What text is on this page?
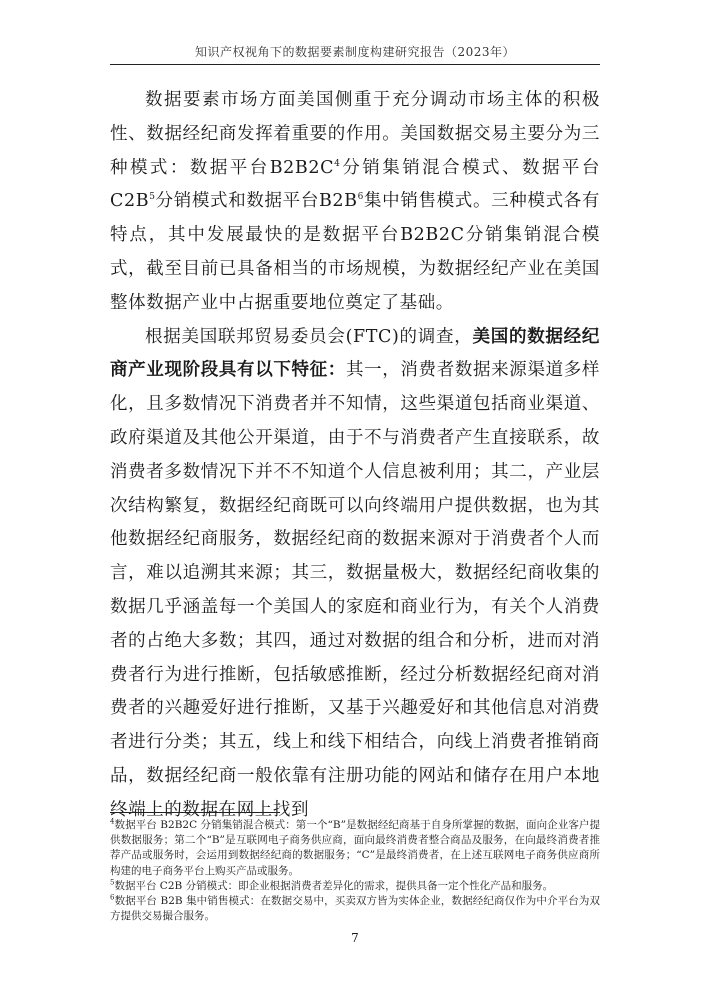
知识产权视角下的数据要素制度构建研究报告（2023年）

数据要素市场方面美国侧重于充分调动市场主体的积极性、数据经纪商发挥着重要的作用。美国数据交易主要分为三种模式：数据平台$B2B2C^4$分销集销混合模式、数据平台$C2B^5$分销模式和数据平台$B2B^6$集中销售模式。三种模式各有特点，其中发展最快的是数据平台B2B2C分销集销混合模式，截至目前已具备相当的市场规模，为数据经纪产业在美国整体数据产业中占据重要地位奠定了基础。

根据美国联邦贸易委员会(FTC)的调查，美国的数据经纪商产业现阶段具有以下特征：其一，消费者数据来源渠道多样化，且多数情况下消费者并不知情，这些渠道包括商业渠道、政府渠道及其他公开渠道，由于不与消费者产生直接联系，故消费者多数情况下并不不知道个人信息被利用；其二，产业层次结构繁复，数据经纪商既可以向终端用户提供数据，也为其他数据经纪商服务，数据经纪商的数据来源对于消费者个人而言，难以追溯其来源；其三，数据量极大，数据经纪商收集的数据几乎涵盖每一个美国人的家庭和商业行为，有关个人消费者的占绝大多数；其四，通过对数据的组合和分析，进而对消费者行为进行推断，包括敏感推断，经过分析数据经纪商对消费者的兴趣爱好进行推断，又基于兴趣爱好和其他信息对消费者进行分类；其五，线上和线下相结合，向线上消费者推销商品，数据经纪商一般依靠有注册功能的网站和储存在用户本地终端上的数据在网上找到

$^4$数据平台 B2B2C 分销集销混合模式：第一个“B”是数据经纪商基于自身所掌握的数据，面向企业客户提供数据服务；第二个“B”是互联网电子商务供应商，面向最终消费者整合商品及服务，在向最终消费者推荐产品或服务时，会运用到数据经纪商的数据服务；“C”是最终消费者，在上述互联网电子商务供应商所构建的电子商务平台上购买产品或服务。

$^5$数据平台 C2B 分销模式：即企业根据消费者差异化的需求，提供具备一定个性化产品和服务。

$^6$数据平台 B2B 集中销售模式：在数据交易中，买卖双方皆为实体企业，数据经纪商仅作为中介平台为双方提供交易撮合服务。

7
